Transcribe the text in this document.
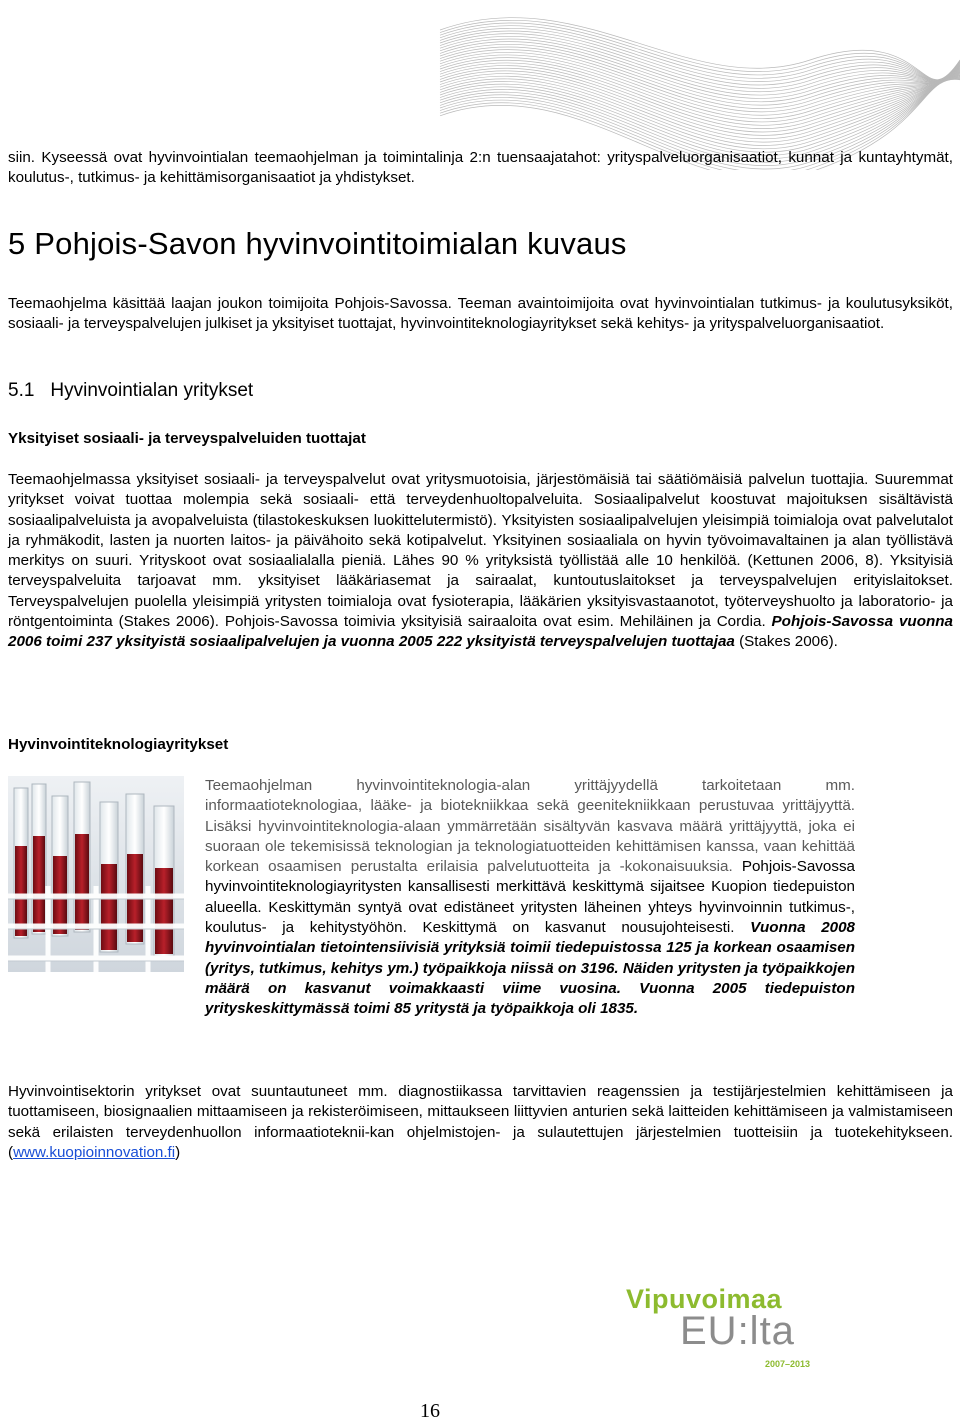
siin. Kyseessä ovat hyvinvointialan teemaohjelman ja toimintalinja 2:n tuensaajatahot: yrityspalveluorganisaatiot, kunnat ja kuntayhtymät, koulutus-, tutkimus- ja kehittämisorganisaatiot ja yhdistykset.

5 Pohjois-Savon hyvinvointitoimialan kuvaus

Teemaohjelma käsittää laajan joukon toimijoita Pohjois-Savossa. Teeman avaintoimijoita ovat hyvinvointialan tutkimus- ja koulutusyksiköt, sosiaali- ja terveyspalvelujen julkiset ja yksityiset tuottajat, hyvinvointiteknologiayritykset sekä kehitys- ja yrityspalveluorganisaatiot.

5.1 Hyvinvointialan yritykset

Yksityiset sosiaali- ja terveyspalveluiden tuottajat

Teemaohjelmassa yksityiset sosiaali- ja terveyspalvelut ovat yritysmuotoisia, järjestömäisiä tai säätiömäisiä palvelun tuottajia. Suuremmat yritykset voivat tuottaa molempia sekä sosiaali- että terveydenhuoltopalveluita. Sosiaalipalvelut koostuvat majoituksen sisältävistä sosiaalipalveluista ja avopalveluista (tilastokeskuksen luokittelutermistö). Yksityisten sosiaalipalvelujen yleisimpiä toimialoja ovat palvelutalot ja ryhmäkodit, lasten ja nuorten laitos- ja päivähoito sekä kotipalvelut. Yksityinen sosiaaliala on hyvin työvoimavaltainen ja alan työllistävä merkitys on suuri. Yrityskoot ovat sosiaalialalla pieniä. Lähes 90 % yrityksistä työllistää alle 10 henkilöä. (Kettunen 2006, 8). Yksityisiä terveyspalveluita tarjoavat mm. yksityiset lääkäriasemat ja sairaalat, kuntoutuslaitokset ja terveyspalvelujen erityislaitokset. Terveyspalvelujen puolella yleisimpiä yritysten toimialoja ovat fysioterapia, lääkärien yksityisvastaanotot, työterveyshuolto ja laboratorio- ja röntgentoiminta (Stakes 2006). Pohjois-Savossa toimivia yksityisiä sairaaloita ovat esim. Mehiläinen ja Cordia. Pohjois-Savossa vuonna 2006 toimi 237 yksityistä sosiaalipalvelujen ja vuonna 2005 222 yksityistä terveyspalvelujen tuottajaa (Stakes 2006).

Hyvinvointiteknologiayritykset

Teemaohjelman hyvinvointiteknologia-alan yrittäjyydellä tarkoitetaan mm. informaatioteknologiaa, lääke- ja biotekniikkaa sekä geenitekniikkaan perustuvaa yrittäjyyttä. Lisäksi hyvinvointiteknologia-alaan ymmärretään sisältyvän kasvava määrä yrittäjyyttä, joka ei suoraan ole tekemisissä teknologian ja teknologiatuotteiden kehittämisen kanssa, vaan kehittää korkean osaamisen perustalta erilaisia palvelutuotteita ja -kokonaisuuksia. Pohjois-Savossa hyvinvointiteknologiayritysten kansallisesti merkittävä keskittymä sijaitsee Kuopion tiedepuiston alueella. Keskittymän syntyä ovat edistäneet yritysten läheinen yhteys hyvinvoinnin tutkimus-, koulutus- ja kehitystyöhön. Keskittymä on kasvanut nousujohteisesti. Vuonna 2008 hyvinvointialan tietointensiivisiä yrityksiä toimii tiedepuistossa 125 ja korkean osaamisen (yritys, tutkimus, kehitys ym.) työpaikkoja niissä on 3196. Näiden yritysten ja työpaikkojen määrä on kasvanut voimakkaasti viime vuosina. Vuonna 2005 tiedepuiston yrityskeskittymässä toimi 85 yritystä ja työpaikkoja oli 1835.

Hyvinvointisektorin yritykset ovat suuntautuneet mm. diagnostiikassa tarvittavien reagenssien ja testijärjestelmien kehittämiseen ja tuottamiseen, biosignaalien mittaamiseen ja rekisteröimiseen, mittaukseen liittyvien anturien sekä laitteiden kehittämiseen ja valmistamiseen sekä erilaisten terveydenhuollon informaatioteknii-kan ohjelmistojen- ja sulautettujen järjestelmien tuotteisiin ja tuotekehitykseen. (www.kuopioinnovation.fi)

Vipuvoimaa
EU:lta
2007–2013
16
